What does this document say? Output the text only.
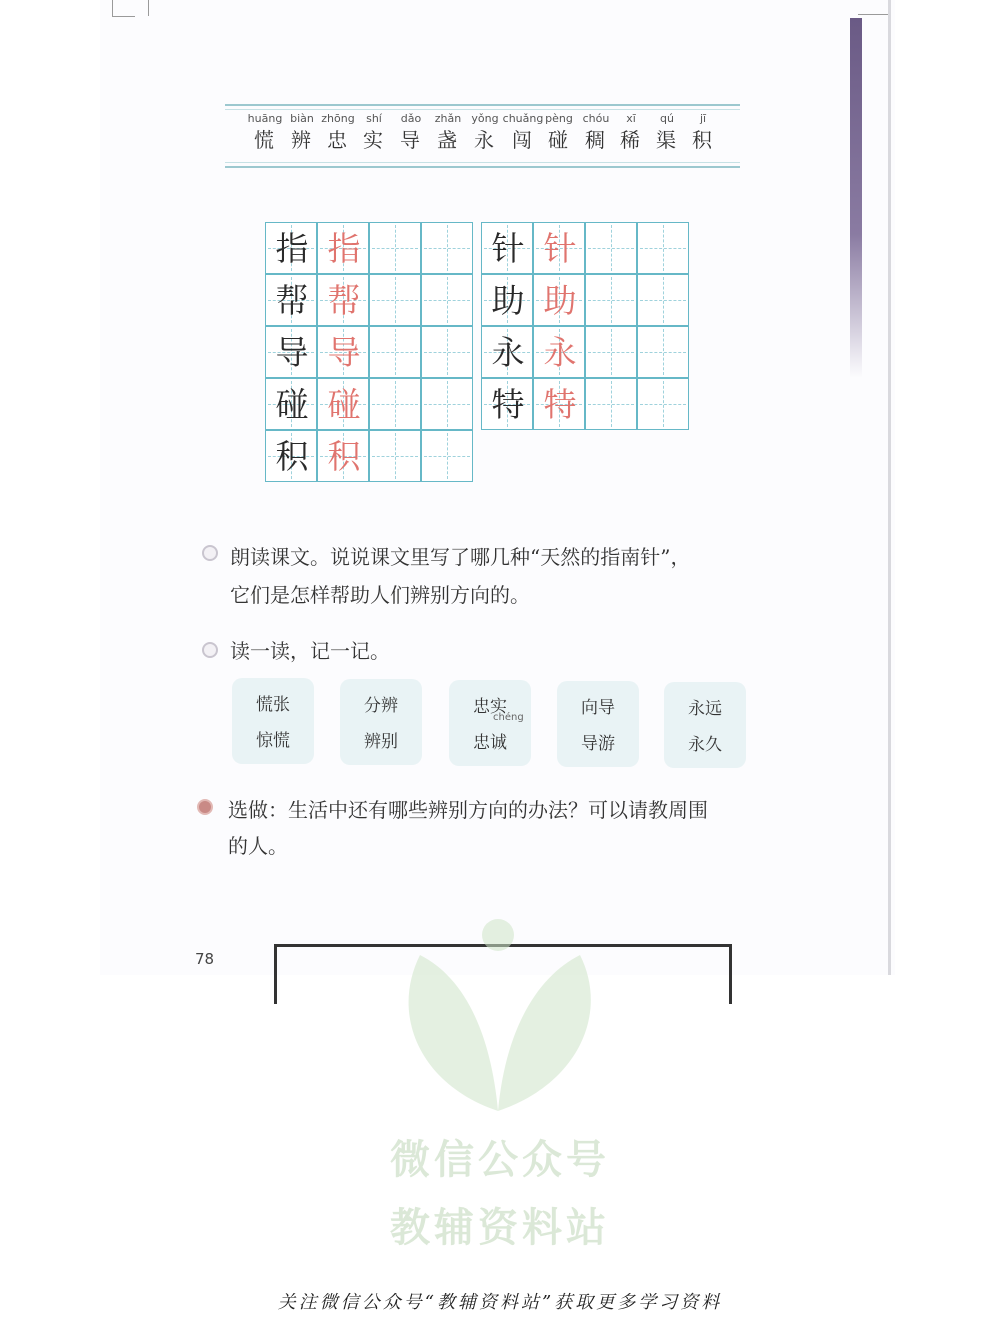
huāng
慌
biàn
辨
zhōng
忠
shí
实
dǎo
导
zhǎn
盏
yǒng
永
chuǎng
闯
pèng
碰
chóu
稠
xī
稀
qú
渠
jī
积
指 指
帮 帮
导 导
碰 碰
积 积
针 针
助 助
永 永
特 特
朗读课文。说说课文里写了哪几种“天然的指南针”，
它们是怎样帮助人们辨别方向的。
读一读，记一记。
慌张
惊慌
分辨
辨别
忠实
chéng
忠诚
向导
导游
永远
永久
选做：生活中还有哪些辨别方向的办法？可以请教周围
的人。
78
微信公众号
教辅资料站
关注微信公众号“教辅资料站”获取更多学习资料
